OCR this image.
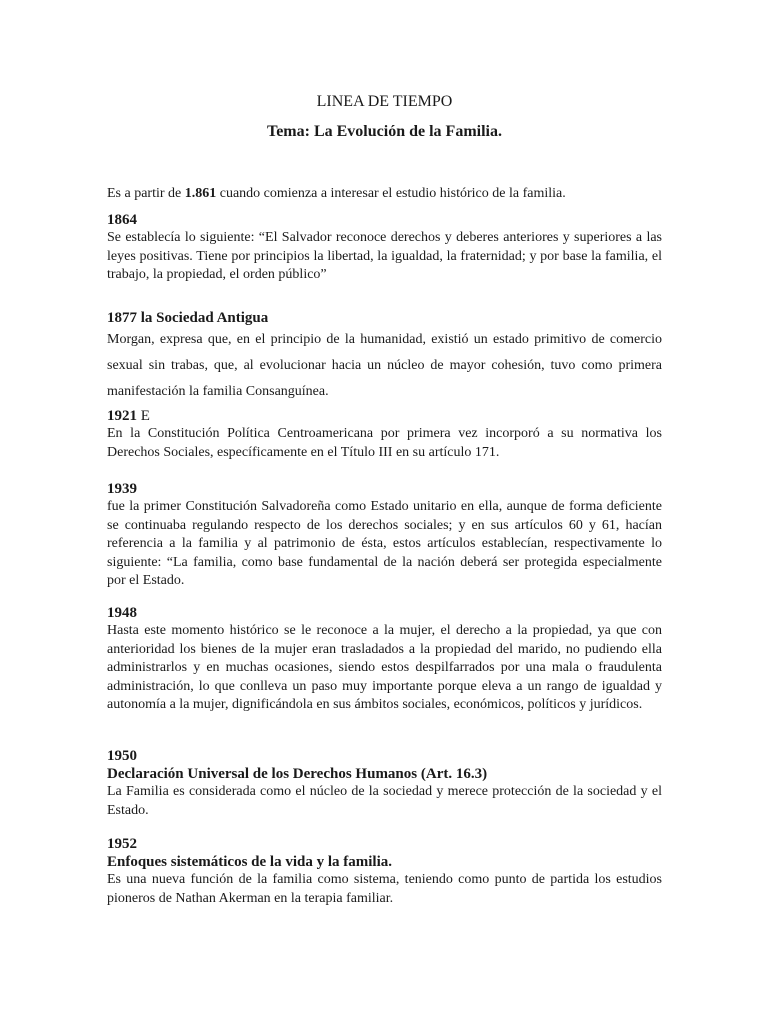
LINEA DE TIEMPO
Tema: La Evolución de la Familia.
Es a partir de 1.861 cuando comienza a interesar el estudio histórico de la familia.
1864
Se establecía lo siguiente: “El Salvador reconoce derechos y deberes anteriores y superiores a las leyes positivas. Tiene por principios la libertad, la igualdad, la fraternidad; y por base la familia, el trabajo, la propiedad, el orden público”
1877 la Sociedad Antigua
Morgan, expresa que, en el principio de la humanidad, existió un estado primitivo de comercio sexual sin trabas, que, al evolucionar hacia un núcleo de mayor cohesión, tuvo como primera manifestación la familia Consanguínea.
1921 E
En la Constitución Política Centroamericana por primera vez incorporó a su normativa los Derechos Sociales, específicamente en el Título III en su artículo 171.
1939
fue la primer Constitución Salvadoreña como Estado unitario en ella, aunque de forma deficiente se continuaba regulando respecto de los derechos sociales; y en sus artículos 60 y 61, hacían referencia a la familia y al patrimonio de ésta, estos artículos establecían, respectivamente lo siguiente: “La familia, como base fundamental de la nación deberá ser protegida especialmente por el Estado.
1948
Hasta este momento histórico se le reconoce a la mujer, el derecho a la propiedad, ya que con anterioridad los bienes de la mujer eran trasladados a la propiedad del marido, no pudiendo ella administrarlos y en muchas ocasiones, siendo estos despilfarrados por una mala o fraudulenta administración, lo que conlleva un paso muy importante porque eleva a un rango de igualdad y autonomía a la mujer, dignificándola en sus ámbitos sociales, económicos, políticos y jurídicos.
1950
Declaración Universal de los Derechos Humanos (Art. 16.3)
La Familia es considerada como el núcleo de la sociedad y merece protección de la sociedad y el Estado.
1952
Enfoques sistemáticos de la vida y la familia.
Es una nueva función de la familia como sistema, teniendo como punto de partida los estudios pioneros de Nathan Akerman en la terapia familiar.
